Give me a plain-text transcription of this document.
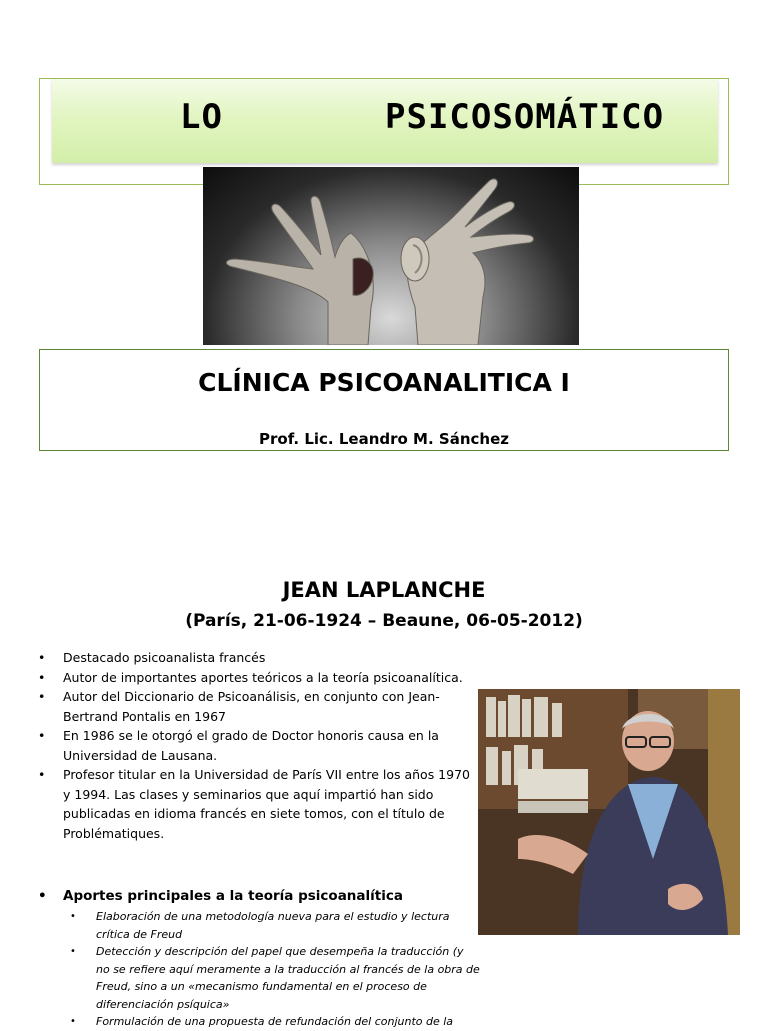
LO	PSICOSOMÁTICO
CLÍNICA PSICOANALITICA I
Prof. Lic. Leandro M. Sánchez
JEAN LAPLANCHE
(París, 21-06-1924 – Beaune, 06-05-2012)
• Destacado psicoanalista francés
• Autor de importantes aportes teóricos a la teoría psicoanalítica.
• Autor del Diccionario de Psicoanálisis, en conjunto con Jean-Bertrand Pontalis en 1967
• En 1986 se le otorgó el grado de Doctor honoris causa en la Universidad de Lausana.
• Profesor titular en la Universidad de París VII entre los años 1970 y 1994. Las clases y seminarios que aquí impartió han sido publicadas en idioma francés en siete tomos, con el título de Problématiques.
• Aportes principales a la teoría psicoanalítica
• Elaboración de una metodología nueva para el estudio y lectura crítica de Freud
• Detección y descripción del papel que desempeña la traducción (y no se refiere aquí meramente a la traducción al francés de la obra de Freud, sino a un «mecanismo fundamental en el proceso de diferenciación psíquica»
• Formulación de una propuesta de refundación del conjunto de la
